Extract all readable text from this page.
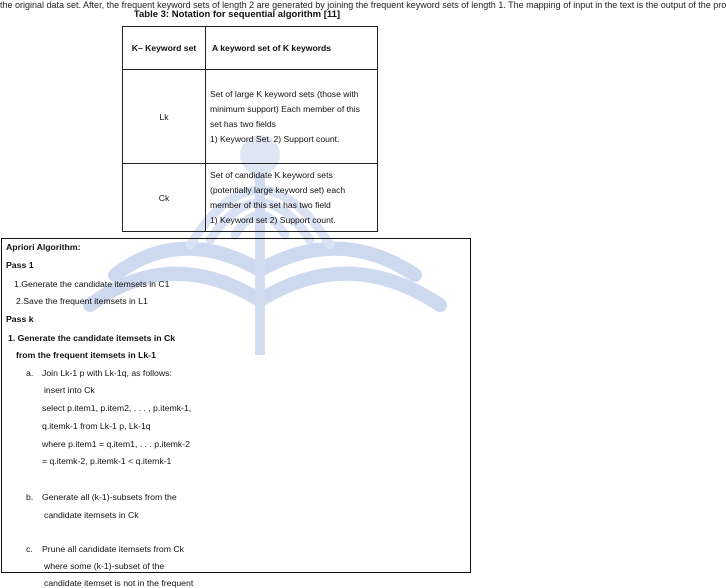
the original data set. After, the frequent keyword sets of length 2 are generated by joining the frequent keyword sets of length 1. The mapping of input in the text is the output of the pro
Table 3: Notation for sequential algorithm [11]
K– Keyword set	A keyword set of K keywords
Lk	Set of large K keyword sets (those with
minimum support) Each member of this
set has two fields
1) Keyword Set. 2) Support count.

Ck	Set of candidate K keyword sets
(potentially large keyword set) each
member of this set has two field
1) Keyword set 2) Support count.
Apriori Algorithm:
Pass 1
1.Generate the candidate itemsets in C1
2.Save the frequent itemsets in L1
Pass k
1. Generate the candidate itemsets in Ck
from the frequent itemsets in Lk-1
a. Join Lk-1 p with Lk-1q, as follows:
insert into Ck
select p.item1, p.item2, . . . , p.itemk-1,
q.itemk-1 from Lk-1 p, Lk-1q
where p.item1 = q.item1, . . . p.itemk-2
= q.itemk-2, p.itemk-1 < q.itemk-1
b. Generate all (k-1)-subsets from the
candidate itemsets in Ck
c. Prune all candidate itemsets from Ck
where some (k-1)-subset of the
candidate itemset is not in the frequent
